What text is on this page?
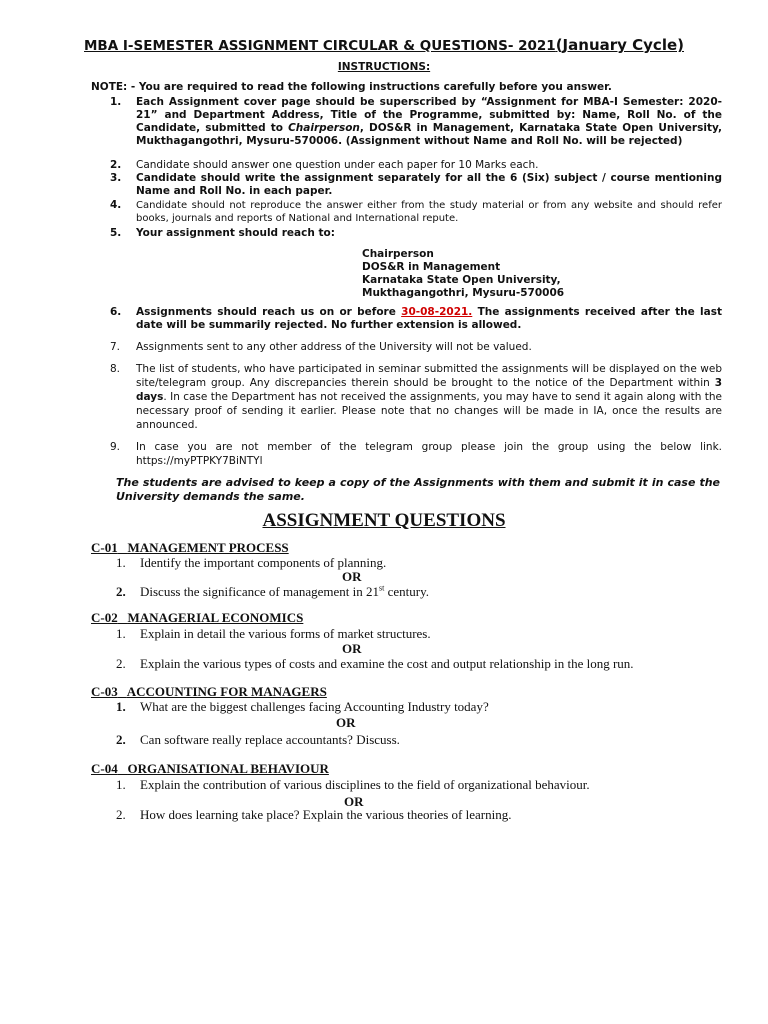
MBA I-SEMESTER ASSIGNMENT CIRCULAR & QUESTIONS- 2021(January Cycle)
INSTRUCTIONS:
NOTE: - You are required to read the following instructions carefully before you answer.
1.	Each Assignment cover page should be superscribed by “Assignment for MBA-I Semester: 2020-21” and Department Address, Title of the Programme, submitted by: Name, Roll No. of the Candidate, submitted to Chairperson, DOS&R in Management, Karnataka State Open University, Mukthagangothri, Mysuru-570006. (Assignment without Name and Roll No. will be rejected)
2.	Candidate should answer one question under each paper for 10 Marks each.
3.	Candidate should write the assignment separately for all the 6 (Six) subject / course mentioning Name and Roll No. in each paper.
4.	Candidate should not reproduce the answer either from the study material or from any website and should refer books, journals and reports of National and International repute.
5.	Your assignment should reach to:
Chairperson
DOS&R in Management
Karnataka State Open University,
Mukthagangothri, Mysuru-570006
6.	Assignments should reach us on or before 30-08-2021. The assignments received after the last date will be summarily rejected. No further extension is allowed.
7.	Assignments sent to any other address of the University will not be valued.
8.	The list of students, who have participated in seminar submitted the assignments will be displayed on the web site/telegram group. Any discrepancies therein should be brought to the notice of the Department within 3 days. In case the Department has not received the assignments, you may have to send it again along with the necessary proof of sending it earlier. Please note that no changes will be made in IA, once the results are announced.
9.	In case you are not member of the telegram group please join the group using the below link. https://myPTPKY7BiNTYl
The students are advised to keep a copy of the Assignments with them and submit it in case the University demands the same.
ASSIGNMENT QUESTIONS
C-01 MANAGEMENT PROCESS
1. Identify the important components of planning.
OR
2. Discuss the significance of management in 21st century.
C-02 MANAGERIAL ECONOMICS
1. Explain in detail the various forms of market structures.
OR
2. Explain the various types of costs and examine the cost and output relationship in the long run.
C-03 ACCOUNTING FOR MANAGERS
1. What are the biggest challenges facing Accounting Industry today?
OR
2. Can software really replace accountants? Discuss.
C-04 ORGANISATIONAL BEHAVIOUR
1. Explain the contribution of various disciplines to the field of organizational behaviour.
OR
2. How does learning take place? Explain the various theories of learning.
